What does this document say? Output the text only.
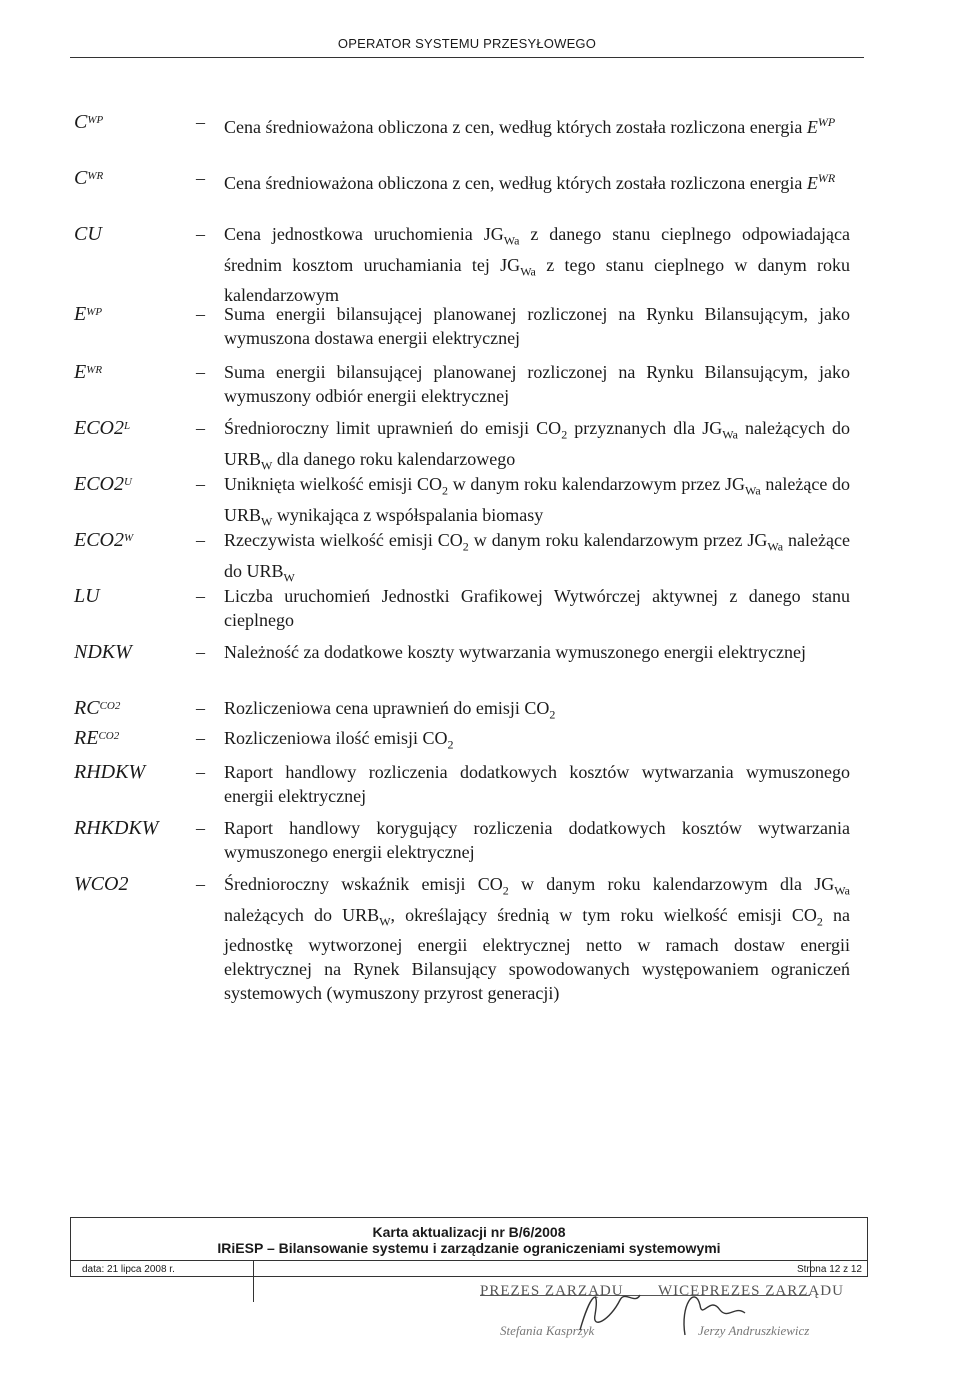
OPERATOR SYSTEMU PRZESYŁOWEGO
$C^{WP}$	– Cena średnioważona obliczona z cen, według których została rozliczona energia $E^{WP}$
$C^{WR}$	– Cena średnioważona obliczona z cen, według których została rozliczona energia $E^{WR}$
CU	– Cena jednostkowa uruchomienia $JG_{Wa}$ z danego stanu cieplnego odpowiadająca średnim kosztom uruchamiania tej $JG_{Wa}$ z tego stanu cieplnego w danym roku kalendarzowym
$E^{WP}$	– Suma energii bilansującej planowanej rozliczonej na Rynku Bilansującym, jako wymuszona dostawa energii elektrycznej
$E^{WR}$	– Suma energii bilansującej planowanej rozliczonej na Rynku Bilansującym, jako wymuszony odbiór energii elektrycznej
$ECO2^L$	– Średnioroczny limit uprawnień do emisji $CO_2$ przyznanych dla $JG_{Wa}$ należących do $URB_W$ dla danego roku kalendarzowego
$ECO2^U$	– Uniknięta wielkość emisji $CO_2$ w danym roku kalendarzowym przez $JG_{Wa}$ należące do $URB_W$ wynikająca z współspalania biomasy
$ECO2^W$	– Rzeczywista wielkość emisji $CO_2$ w danym roku kalendarzowym przez $JG_{Wa}$ należące do $URB_W$
LU	– Liczba uruchomień Jednostki Grafikowej Wytwórczej aktywnej z danego stanu cieplnego
NDKW	– Należność za dodatkowe koszty wytwarzania wymuszonego energii elektrycznej
$RC^{CO2}$	– Rozliczeniowa cena uprawnień do emisji $CO_2$
$RE^{CO2}$	– Rozliczeniowa ilość emisji $CO_2$
RHDKW	– Raport handlowy rozliczenia dodatkowych kosztów wytwarzania wymuszonego energii elektrycznej
RHKDKW	– Raport handlowy korygujący rozliczenia dodatkowych kosztów wytwarzania wymuszonego energii elektrycznej
WCO2	– Średnioroczny wskaźnik emisji $CO_2$ w danym roku kalendarzowym dla $JG_{Wa}$ należących do $URB_W$, określający średnią w tym roku wielkość emisji $CO_2$ na jednostkę wytworzonej energii elektrycznej netto w ramach dostaw energii elektrycznej na Rynek Bilansujący spowodowanych występowaniem ograniczeń systemowych (wymuszony przyrost generacji)
Karta aktualizacji nr B/6/2008
IRiESP – Bilansowanie systemu i zarządzanie ograniczeniami systemowymi
data: 21 lipca 2008 r.	Strona 12 z 12
PREZES ZARZĄDU WICEPREZES ZARZĄDU
Stefania Kasprzyk	Jerzy Andruszkiewicz
